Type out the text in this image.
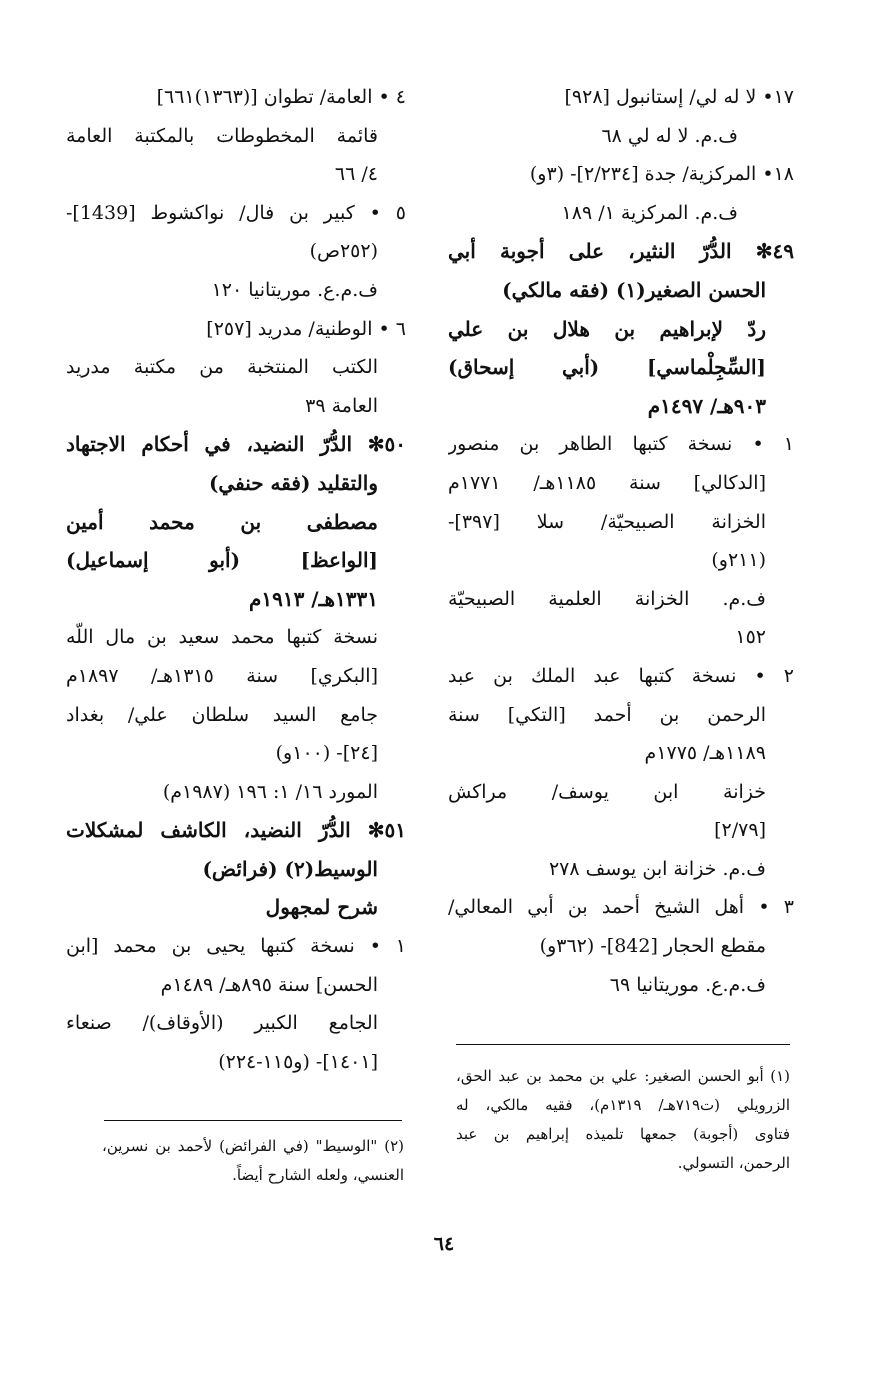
١٧• لا له لي/ إستانبول [٩٢٨]
ف.م. لا له لي ٦٨
١٨• المركزية/ جدة [٢/٢٣٤]- (٣و)
ف.م. المركزية ١/ ١٨٩
٤٩✻ الدُّرّ النثير، على أجوبة أبي
الحسن الصغير(١) (فقه مالكي)
ردّ لإبراهيم بن هلال بن علي
[السِّجِلْماسي] (أبي إسحاق)
٩٠٣هـ/ ١٤٩٧م
١ • نسخة كتبها الطاهر بن منصور
[الدكالي] سنة ١١٨٥هـ/ ١٧٧١م
الخزانة الصبيحيّة/ سلا [٣٩٧]-
(٢١١و)
ف.م. الخزانة العلمية الصبيحيّة
١٥٢
٢ • نسخة كتبها عبد الملك بن عبد
الرحمن بن أحمد [التكي] سنة
١١٨٩هـ/ ١٧٧٥م
خزانة ابن يوسف/ مراكش
[٢/٧٩]
ف.م. خزانة ابن يوسف ٢٧٨
٣ • أهل الشيخ أحمد بن أبي المعالي/
مقطع الحجار [842]- (٣٦٢و)
ف.م.ع. موريتانيا ٦٩
٤ • العامة/ تطوان [(١٣٦٣)٦٦١]
قائمة المخطوطات بالمكتبة العامة
٤/ ٦٦
٥ • كبير بن فال/ نواكشوط [1439]-
(٢٥٢ص)
ف.م.ع. موريتانيا ١٢٠
٦ • الوطنية/ مدريد [٢٥٧]
الكتب المنتخبة من مكتبة مدريد
العامة ٣٩
٥٠✻ الدُّرّ النضيد، في أحكام الاجتهاد
والتقليد (فقه حنفي)
مصطفى بن محمد أمين
[الواعظ] (أبو إسماعيل)
١٣٣١هـ/ ١٩١٣م
نسخة كتبها محمد سعيد بن مال اللّه
[البكري] سنة ١٣١٥هـ/ ١٨٩٧م
جامع السيد سلطان علي/ بغداد
[٢٤]- (١٠٠و)
المورد ١٦/ ١: ١٩٦ (١٩٨٧م)
٥١✻ الدُّرّ النضيد، الكاشف لمشكلات
الوسيط(٢) (فرائض)
شرح لمجهول
١ • نسخة كتبها يحيى بن محمد [ابن
الحسن] سنة ٨٩٥هـ/ ١٤٨٩م
الجامع الكبير (الأوقاف)/ صنعاء
[١٤٠١]- (و١١٥-٢٢٤)
(١) أبو الحسن الصغير: علي بن محمد بن عبد الحق،
الزرويلي (ت٧١٩هـ/ ١٣١٩م)، فقيه مالكي، له
فتاوى (أجوبة) جمعها تلميذه إبراهيم بن عبد
الرحمن، التسولي.
(٢) "الوسيط" (في الفرائض) لأحمد بن نسرين،
العنسي، ولعله الشارح أيضاً.
٦٤
